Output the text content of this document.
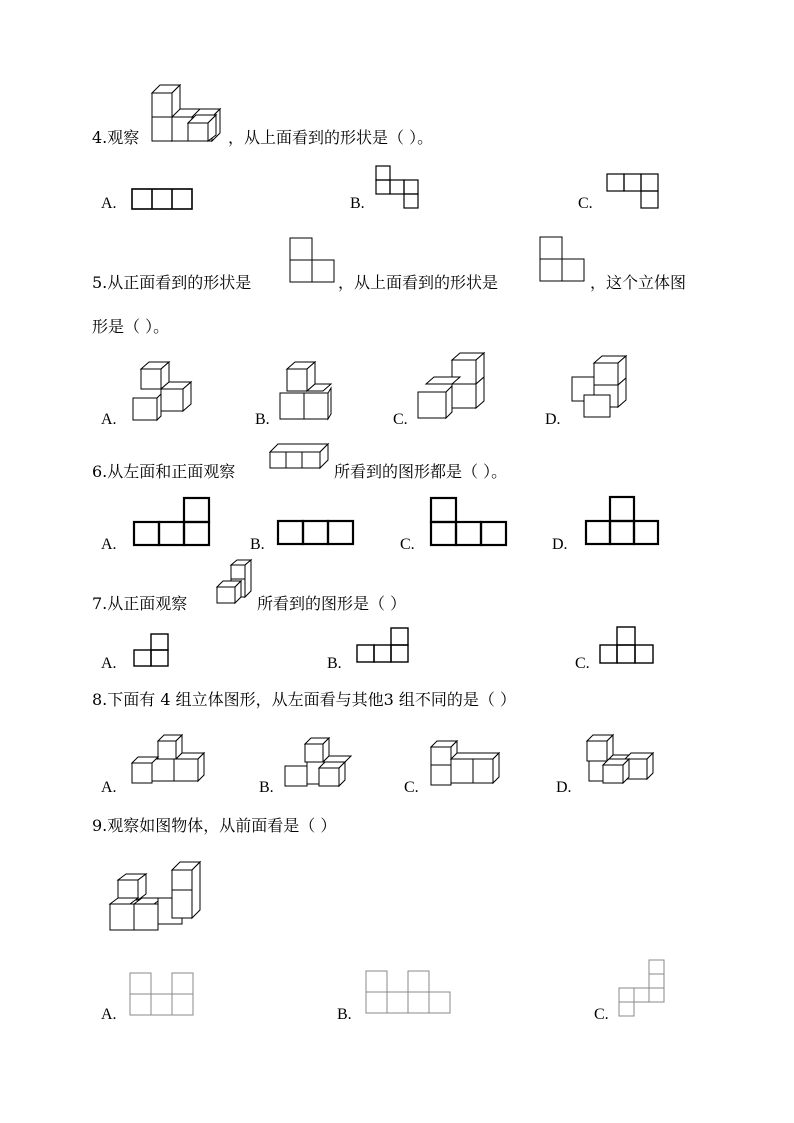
4.观察	，从上面看到的形状是（ ）。
A.	B.	C.
5.从正面看到的形状是	，从上面看到的形状是	，这个立体图
形是（ ）。
A.	B.	C.	D.
6.从左面和正面观察	所看到的图形都是（ ）。
A.	B.	C.	D.
7.从正面观察	所看到的图形是（ ）
A.	B.	C.
8.下面有 4 组立体图形，从左面看与其他3 组不同的是（ ）
A.	B.	C.	D.
9.观察如图物体，从前面看是（ ）
A.	B.	C.
